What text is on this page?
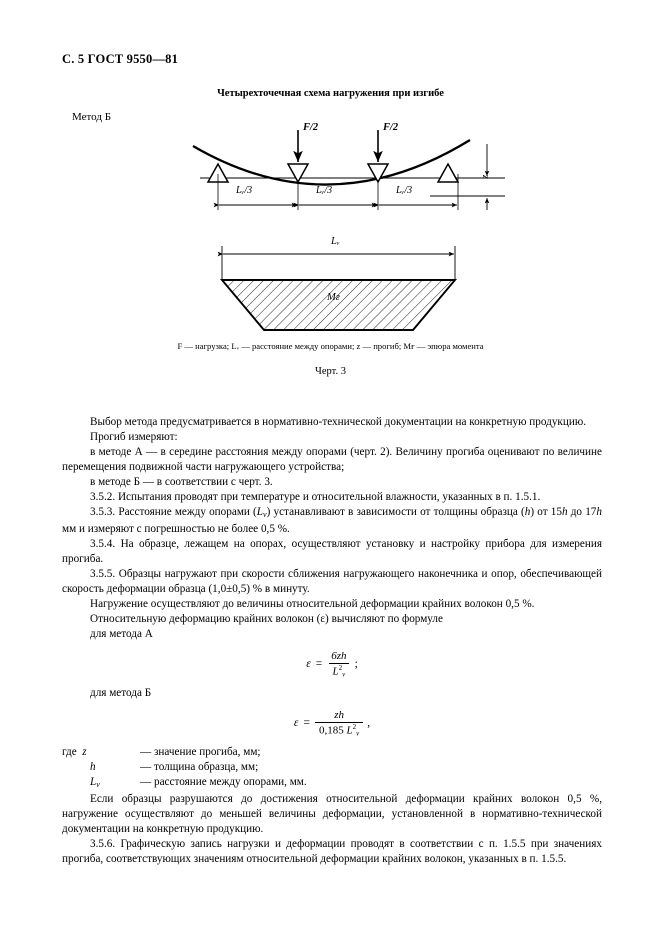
С. 5 ГОСТ 9550—81
Четырехточечная схема нагружения при изгибе
Метод Б
F/2	F/2
Lᵥ/3	Lᵥ/3	Lᵥ/3
z
Lᵥ
Mғ
F — нагрузка; Lᵥ — расстояние между опорами; z — прогиб; Mғ — эпюра момента
Черт. 3

Выбор метода предусматривается в нормативно-технической документации на конкретную продукцию.

Прогиб измеряют:

в методе А — в середине расстояния между опорами (черт. 2). Величину прогиба оценивают по величине перемещения подвижной части нагружающего устройства;

в методе Б — в соответствии с черт. 3.

3.5.2. Испытания проводят при температуре и относительной влажности, указанных в п. 1.5.1.

3.5.3. Расстояние между опорами $(L_v)$ устанавливают в зависимости от толщины образца (h) от 15h до 17h мм и измеряют с погрешностью не более 0,5 %.

3.5.4. На образце, лежащем на опорах, осуществляют установку и настройку прибора для измерения прогиба.

3.5.5. Образцы нагружают при скорости сближения нагружающего наконечника и опор, обеспечивающей скорость деформации образца (1,0±0,5) % в минуту.

Нагружение осуществляют до величины относительной деформации крайних волокон 0,5 %.

Относительную деформацию крайних волокон (ε) вычисляют по формуле

для метода А

$\varepsilon = \frac{6zh}{L^2_v}$ ;

для метода Б

$\varepsilon = \frac{zh}{0,185 L^2_v}$ ,
где z	— значение прогиба, мм;
h	— толщина образца, мм;
$L_v$	— расстояние между опорами, мм.

Если образцы разрушаются до достижения относительной деформации крайних волокон 0,5 %, нагружение осуществляют до меньшей величины деформации, установленной в нормативно-технической документации на конкретную продукцию.

3.5.6. Графическую запись нагрузки и деформации проводят в соответствии с п. 1.5.5 при значениях прогиба, соответствующих значениям относительной деформации крайних волокон, указанных в п. 1.5.5.
